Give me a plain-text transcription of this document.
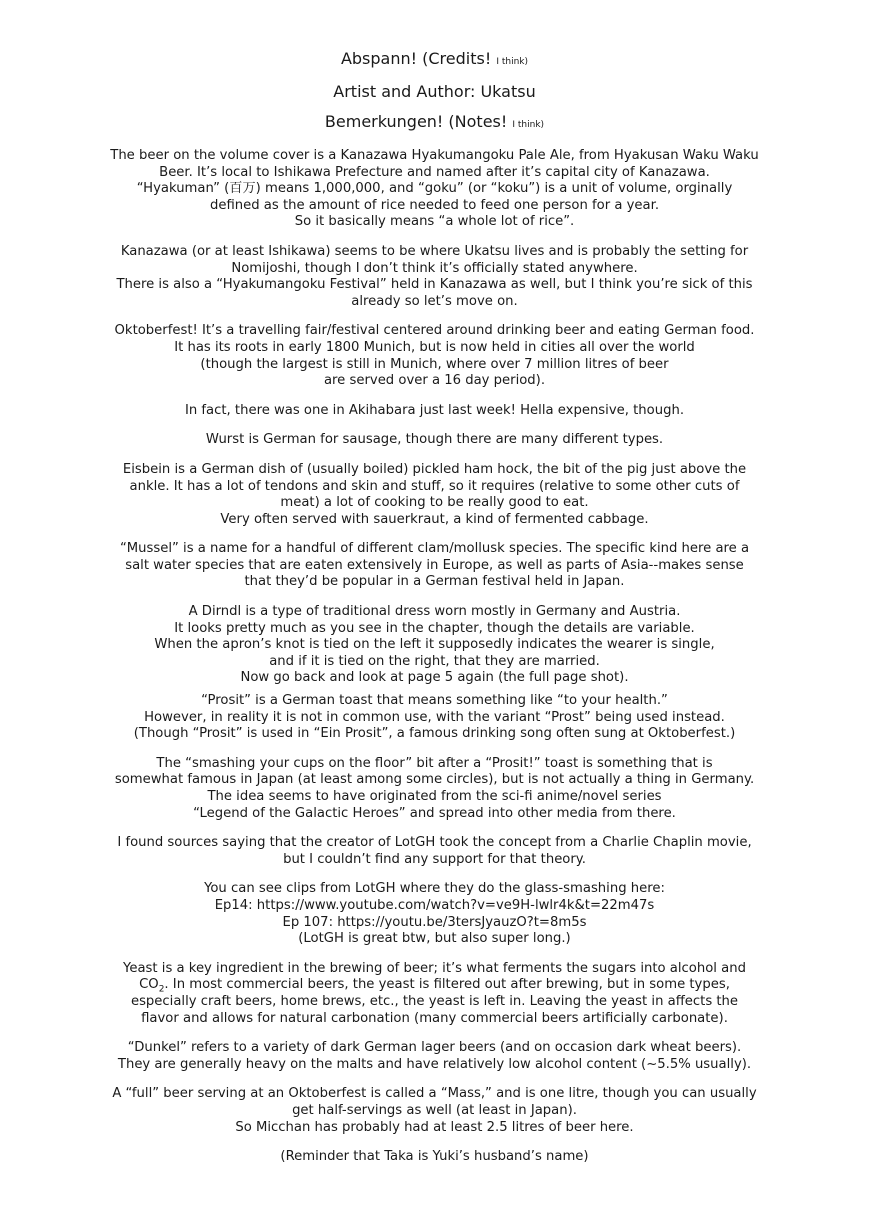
Abspann! (Credits! I think)
Artist and Author: Ukatsu
Bemerkungen! (Notes! I think)

The beer on the volume cover is a Kanazawa Hyakumangoku Pale Ale, from Hyakusan Waku Waku
Beer. It’s local to Ishikawa Prefecture and named after it’s capital city of Kanazawa.
“Hyakuman” (百万) means 1,000,000, and “goku” (or “koku”) is a unit of volume, orginally
defined as the amount of rice needed to feed one person for a year.
So it basically means “a whole lot of rice”.

Kanazawa (or at least Ishikawa) seems to be where Ukatsu lives and is probably the setting for
Nomijoshi, though I don’t think it’s officially stated anywhere.
There is also a “Hyakumangoku Festival” held in Kanazawa as well, but I think you’re sick of this
already so let’s move on.

Oktoberfest! It’s a travelling fair/festival centered around drinking beer and eating German food.
It has its roots in early 1800 Munich, but is now held in cities all over the world
(though the largest is still in Munich, where over 7 million litres of beer
are served over a 16 day period).

In fact, there was one in Akihabara just last week! Hella expensive, though.

Wurst is German for sausage, though there are many different types.

Eisbein is a German dish of (usually boiled) pickled ham hock, the bit of the pig just above the
ankle. It has a lot of tendons and skin and stuff, so it requires (relative to some other cuts of
meat) a lot of cooking to be really good to eat.
Very often served with sauerkraut, a kind of fermented cabbage.

“Mussel” is a name for a handful of different clam/mollusk species. The specific kind here are a
salt water species that are eaten extensively in Europe, as well as parts of Asia--makes sense
that they’d be popular in a German festival held in Japan.

A Dirndl is a type of traditional dress worn mostly in Germany and Austria.
It looks pretty much as you see in the chapter, though the details are variable.
When the apron’s knot is tied on the left it supposedly indicates the wearer is single,
and if it is tied on the right, that they are married.
Now go back and look at page 5 again (the full page shot).

“Prosit” is a German toast that means something like “to your health.”
However, in reality it is not in common use, with the variant “Prost” being used instead.
(Though “Prosit” is used in “Ein Prosit”, a famous drinking song often sung at Oktoberfest.)

The “smashing your cups on the floor” bit after a “Prosit!” toast is something that is
somewhat famous in Japan (at least among some circles), but is not actually a thing in Germany.
The idea seems to have originated from the sci-fi anime/novel series
“Legend of the Galactic Heroes” and spread into other media from there.

I found sources saying that the creator of LotGH took the concept from a Charlie Chaplin movie,
but I couldn’t find any support for that theory.

You can see clips from LotGH where they do the glass-smashing here:
Ep14: https://www.youtube.com/watch?v=ve9H-lwlr4k&t=22m47s
Ep 107: https://youtu.be/3tersJyauzO?t=8m5s
(LotGH is great btw, but also super long.)

Yeast is a key ingredient in the brewing of beer; it’s what ferments the sugars into alcohol and
$CO_2$. In most commercial beers, the yeast is filtered out after brewing, but in some types,
especially craft beers, home brews, etc., the yeast is left in. Leaving the yeast in affects the
flavor and allows for natural carbonation (many commercial beers artificially carbonate).

“Dunkel” refers to a variety of dark German lager beers (and on occasion dark wheat beers).
They are generally heavy on the malts and have relatively low alcohol content (~5.5% usually).

A “full” beer serving at an Oktoberfest is called a “Mass,” and is one litre, though you can usually
get half-servings as well (at least in Japan).
So Micchan has probably had at least 2.5 litres of beer here.

(Reminder that Taka is Yuki’s husband’s name)
